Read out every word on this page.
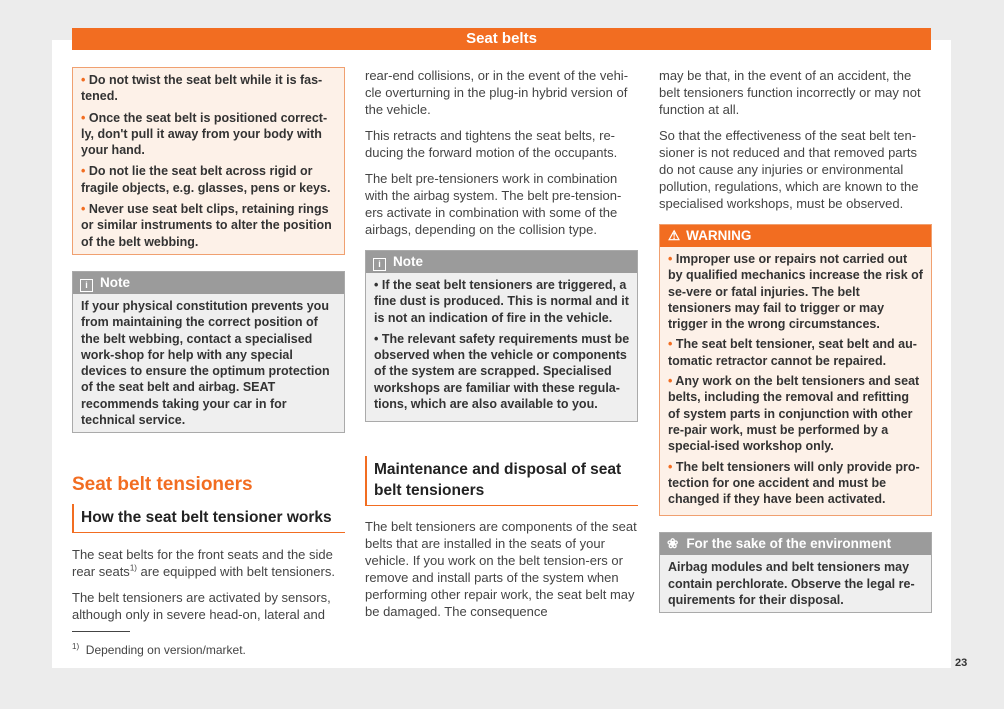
Seat belts
• Do not twist the seat belt while it is fas-tened.
• Once the seat belt is positioned correct-ly, don't pull it away from your body with your hand.
• Do not lie the seat belt across rigid or fragile objects, e.g. glasses, pens or keys.
• Never use seat belt clips, retaining rings or similar instruments to alter the position of the belt webbing.
i Note
If your physical constitution prevents you from maintaining the correct position of the belt webbing, contact a specialised work-shop for help with any special devices to ensure the optimum protection of the seat belt and airbag. SEAT recommends taking your car in for technical service.
Seat belt tensioners
How the seat belt tensioner works

The seat belts for the front seats and the side rear seats$^{1)}$ are equipped with belt tensioners.

The belt tensioners are activated by sensors, although only in severe head-on, lateral and

rear-end collisions, or in the event of the vehi-cle overturning in the plug-in hybrid version of the vehicle.

This retracts and tightens the seat belts, re-ducing the forward motion of the occupants.

The belt pre-tensioners work in combination with the airbag system. The belt pre-tension-ers activate in combination with some of the airbags, depending on the collision type.

i Note
• If the seat belt tensioners are triggered, a fine dust is produced. This is normal and it is not an indication of fire in the vehicle.
• The relevant safety requirements must be observed when the vehicle or components of the system are scrapped. Specialised workshops are familiar with these regula-tions, which are also available to you.
Maintenance and disposal of seat belt tensioners

The belt tensioners are components of the seat belts that are installed in the seats of your vehicle. If you work on the belt tension-ers or remove and install parts of the system when performing other repair work, the seat belt may be damaged. The consequence

may be that, in the event of an accident, the belt tensioners function incorrectly or may not function at all.

So that the effectiveness of the seat belt ten-sioner is not reduced and that removed parts do not cause any injuries or environmental pollution, regulations, which are known to the specialised workshops, must be observed.

⚠ WARNING
• Improper use or repairs not carried out by qualified mechanics increase the risk of se-vere or fatal injuries. The belt tensioners may fail to trigger or may trigger in the wrong circumstances.
• The seat belt tensioner, seat belt and au-tomatic retractor cannot be repaired.
• Any work on the belt tensioners and seat belts, including the removal and refitting of system parts in conjunction with other re-pair work, must be performed by a special-ised workshop only.
• The belt tensioners will only provide pro-tection for one accident and must be changed if they have been activated.
❀ For the sake of the environment
Airbag modules and belt tensioners may contain perchlorate. Observe the legal re-quirements for their disposal.
$^{1)}$ Depending on version/market.
23
